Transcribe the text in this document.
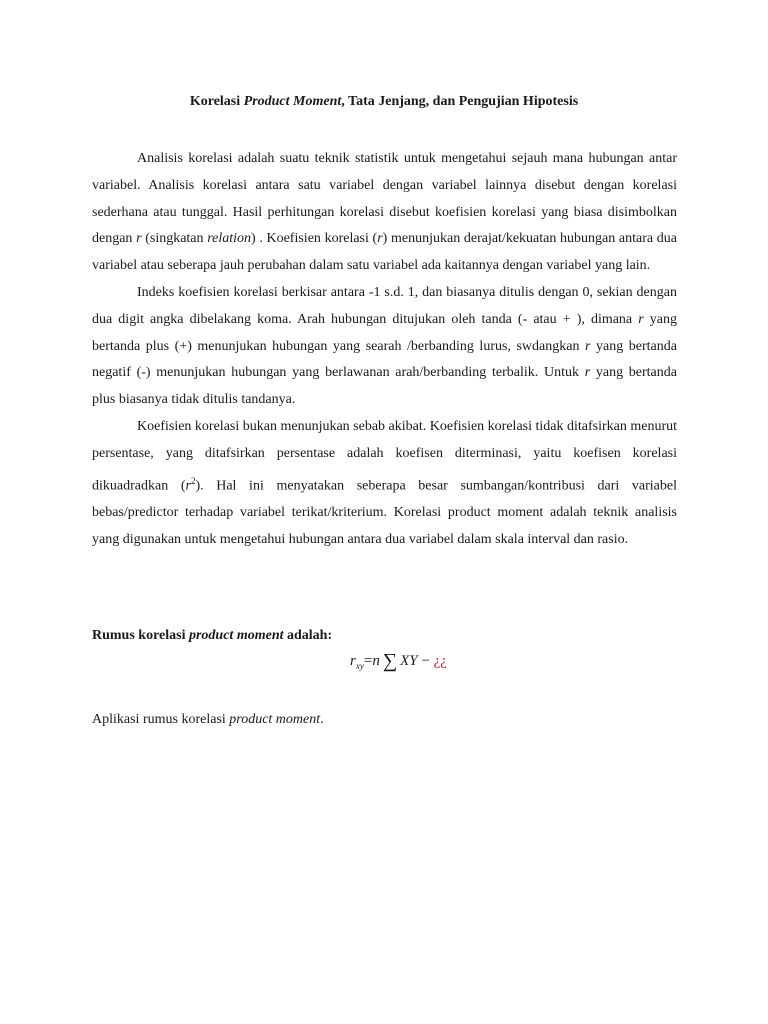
Korelasi Product Moment, Tata Jenjang, dan Pengujian Hipotesis

Analisis korelasi adalah suatu teknik statistik untuk mengetahui sejauh mana hubungan antar variabel. Analisis korelasi antara satu variabel dengan variabel lainnya disebut dengan korelasi sederhana atau tunggal. Hasil perhitungan korelasi disebut koefisien korelasi yang biasa disimbolkan dengan r (singkatan relation) . Koefisien korelasi (r) menunjukan derajat/kekuatan hubungan antara dua variabel atau seberapa jauh perubahan dalam satu variabel ada kaitannya dengan variabel yang lain.

Indeks koefisien korelasi berkisar antara -1 s.d. 1, dan biasanya ditulis dengan 0, sekian dengan dua digit angka dibelakang koma. Arah hubungan ditujukan oleh tanda (- atau + ), dimana r yang bertanda plus (+) menunjukan hubungan yang searah /berbanding lurus, swdangkan r yang bertanda negatif (-) menunjukan hubungan yang berlawanan arah/berbanding terbalik. Untuk r yang bertanda plus biasanya tidak ditulis tandanya.

Koefisien korelasi bukan menunjukan sebab akibat. Koefisien korelasi tidak ditafsirkan menurut persentase, yang ditafsirkan persentase adalah koefisen diterminasi, yaitu koefisen korelasi dikuadradkan $(r^2)$. Hal ini menyatakan seberapa besar sumbangan/kontribusi dari variabel bebas/predictor terhadap variabel terikat/kriterium. Korelasi product moment adalah teknik analisis yang digunakan untuk mengetahui hubungan antara dua variabel dalam skala interval dan rasio.

Rumus korelasi product moment adalah:
$r_{xy}=n$ ∑ XY − ¿¿
Aplikasi rumus korelasi product moment.
